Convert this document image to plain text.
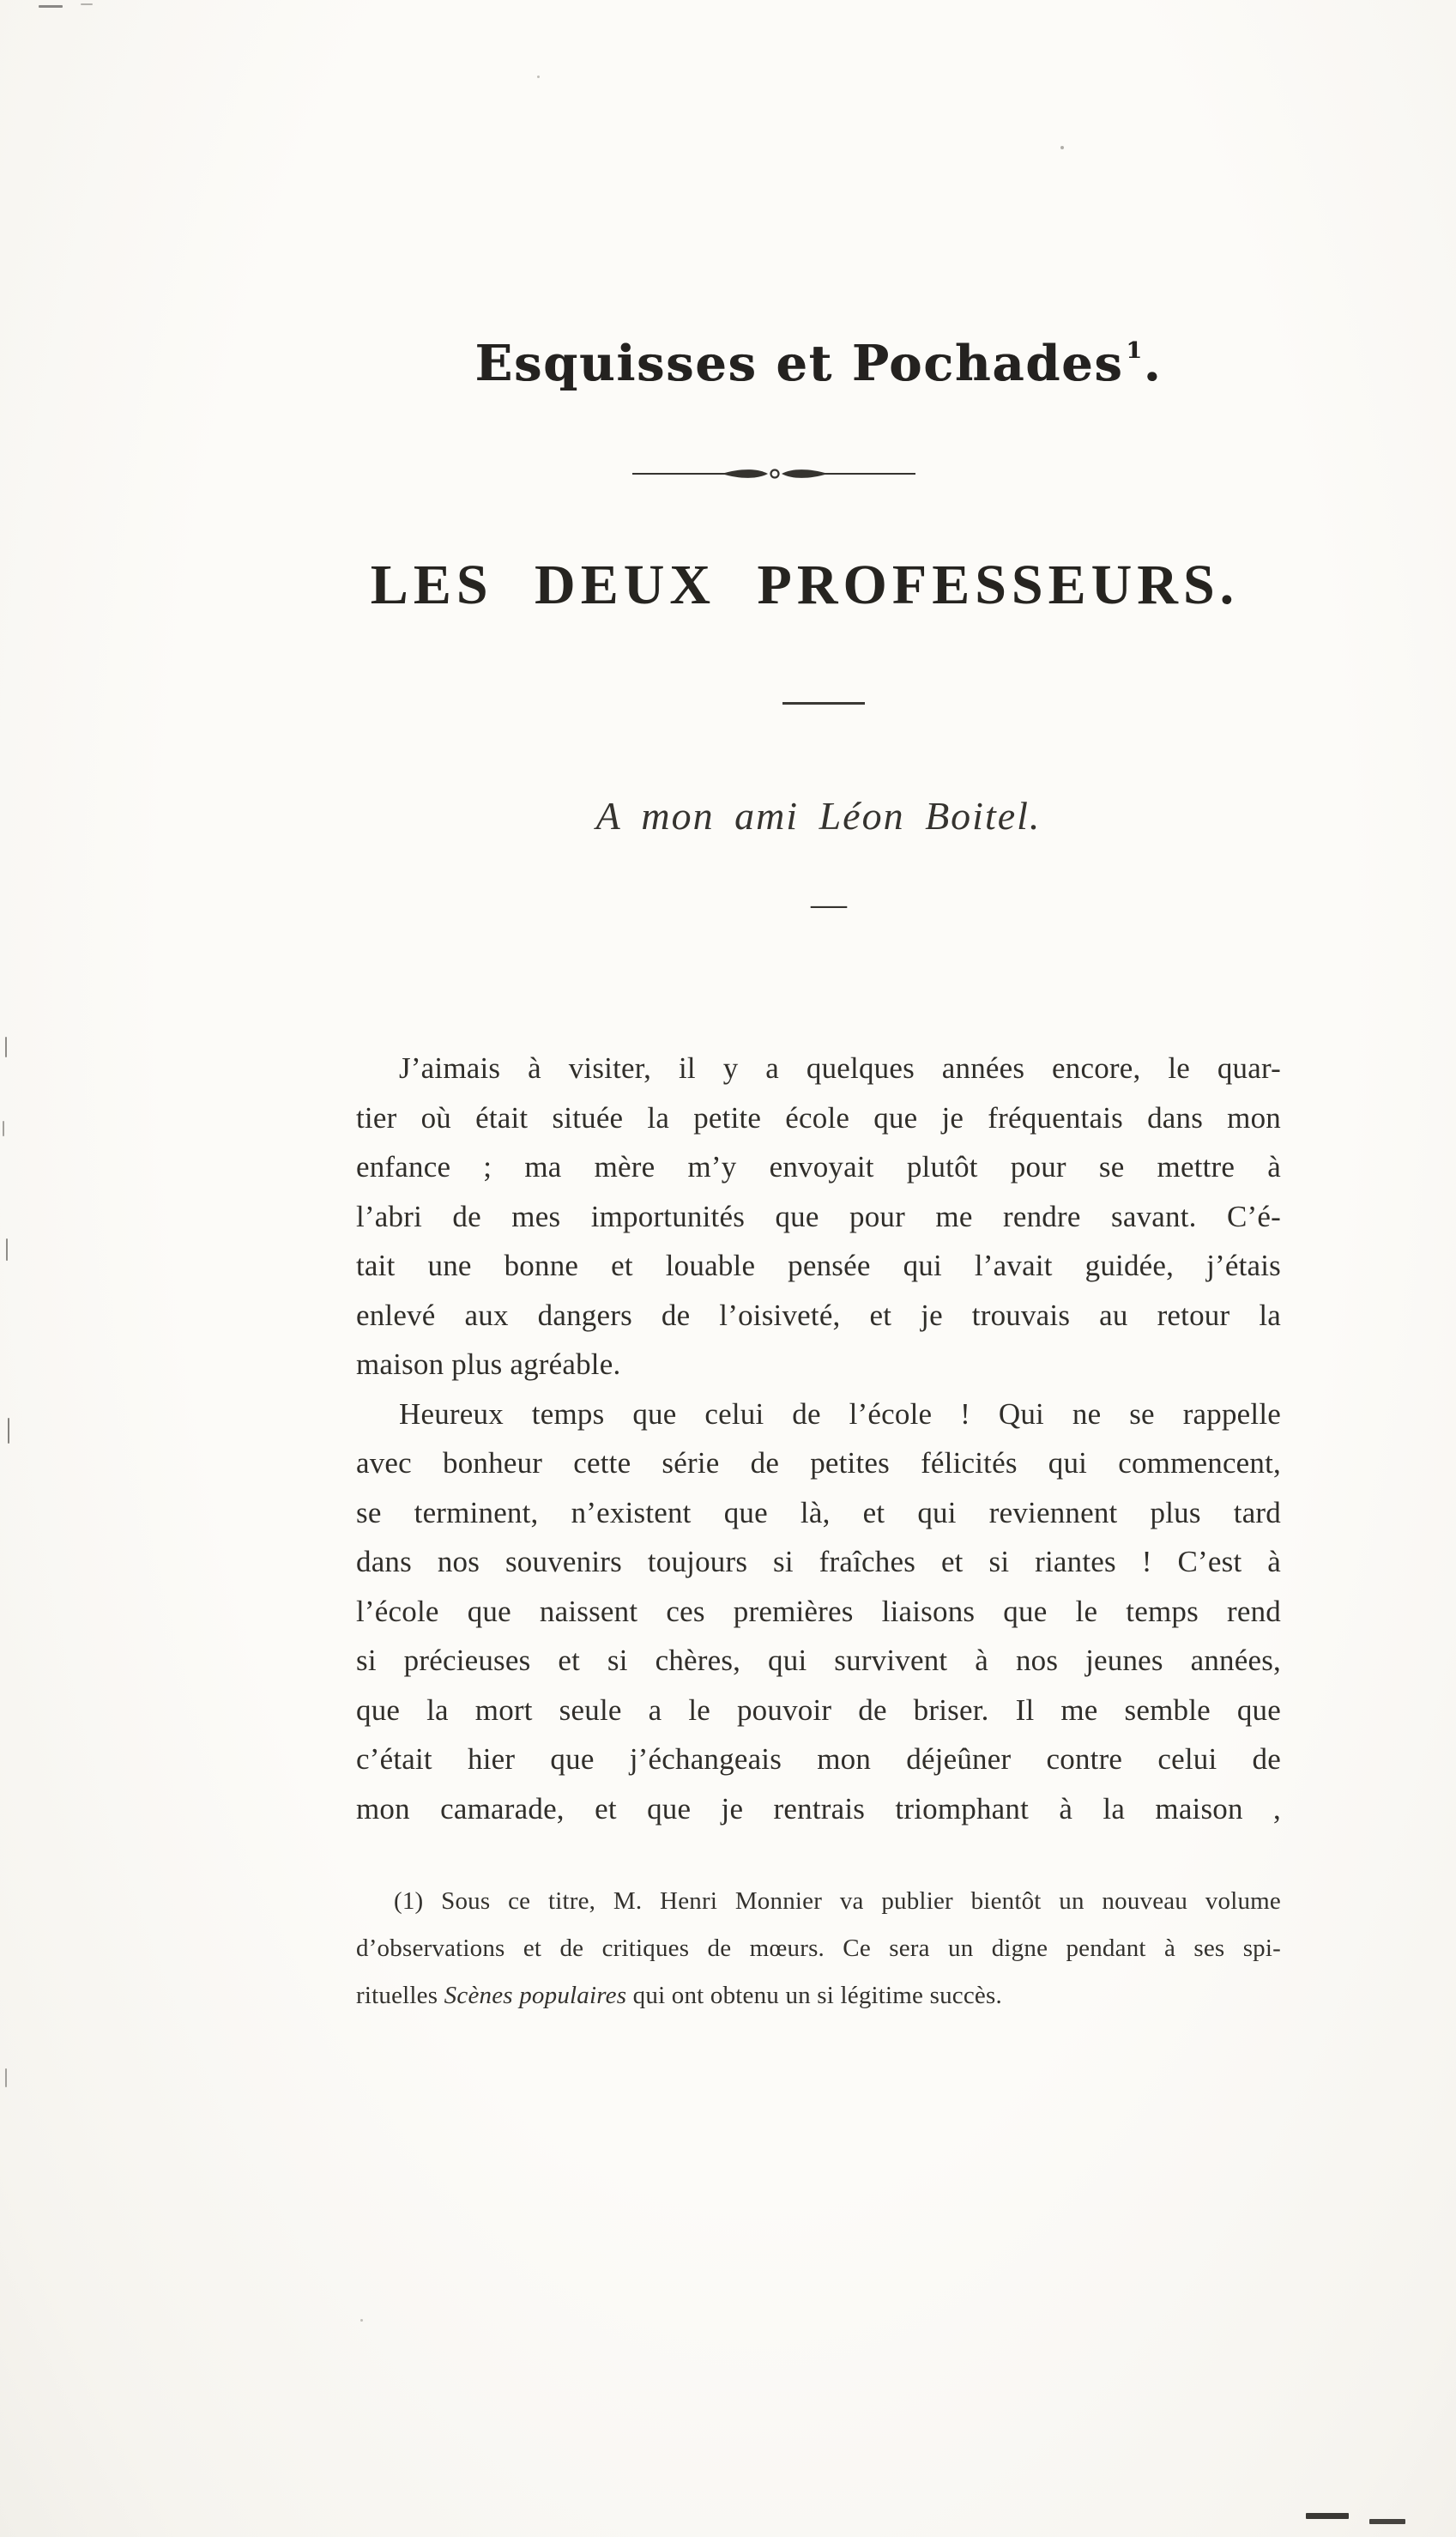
Esquisses et Pochades $^1$.
LES DEUX PROFESSEURS.
A mon ami Léon Boitel.
—
J’aimais à visiter, il y a quelques années encore, le quar-
tier où était située la petite école que je fréquentais dans mon
enfance ; ma mère m’y envoyait plutôt pour se mettre à
l’abri de mes importunités que pour me rendre savant. C’é-
tait une bonne et louable pensée qui l’avait guidée, j’étais
enlevé aux dangers de l’oisiveté, et je trouvais au retour la
maison plus agréable.
Heureux temps que celui de l’école ! Qui ne se rappelle
avec bonheur cette série de petites félicités qui commencent,
se terminent, n’existent que là, et qui reviennent plus tard
dans nos souvenirs toujours si fraîches et si riantes ! C’est à
l’école que naissent ces premières liaisons que le temps rend
si précieuses et si chères, qui survivent à nos jeunes années,
que la mort seule a le pouvoir de briser. Il me semble que
c’était hier que j’échangeais mon déjeûner contre celui de
mon camarade, et que je rentrais triomphant à la maison ,
(1) Sous ce titre, M. Henri Monnier va publier bientôt un nouveau volume
d’observations et de critiques de mœurs. Ce sera un digne pendant à ses spi-
rituelles Scènes populaires qui ont obtenu un si légitime succès.
